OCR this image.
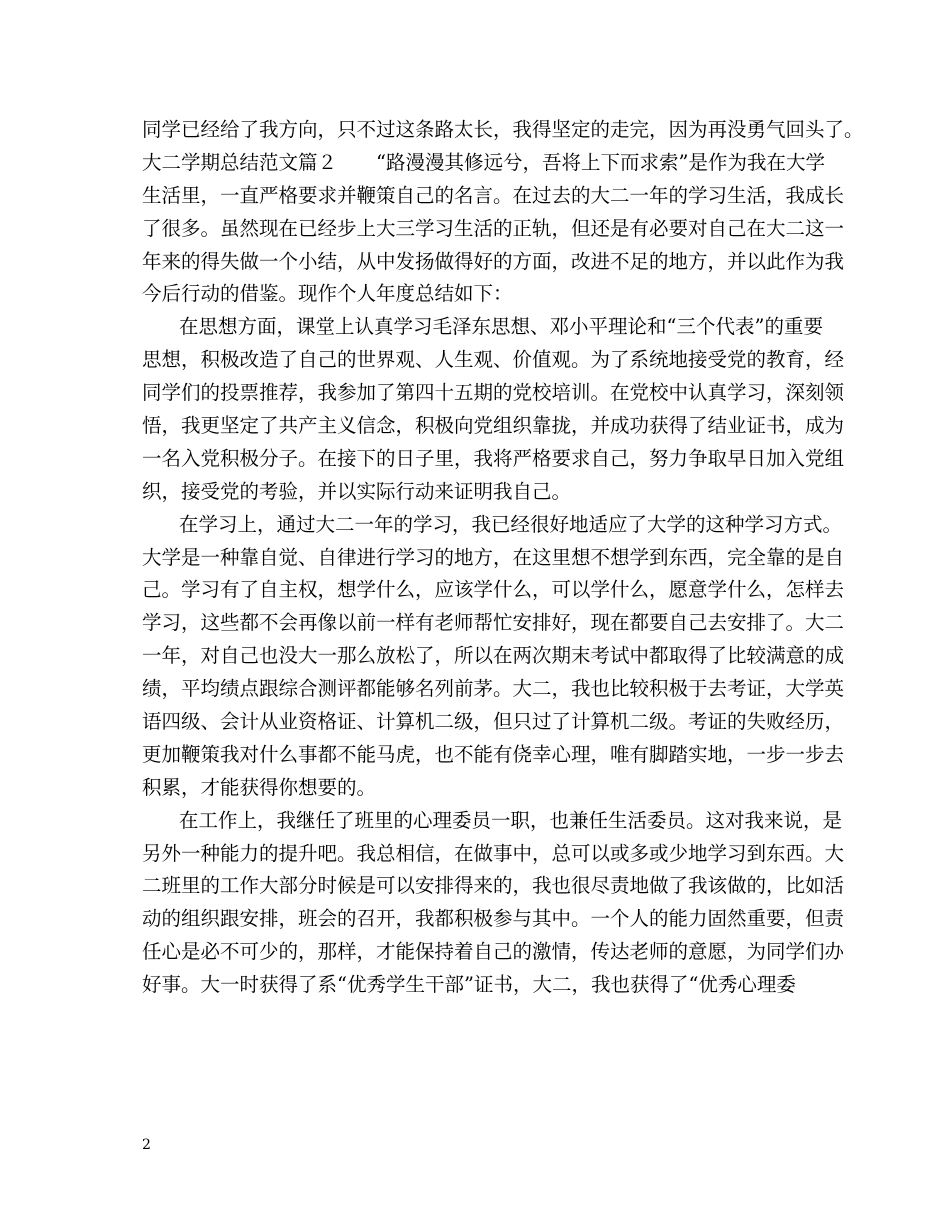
同学已经给了我方向，只不过这条路太长，我得坚定的走完，因为再没勇气回头了。
大二学期总结范文篇２　　“路漫漫其修远兮，吾将上下而求索”是作为我在大学
生活里，一直严格要求并鞭策自己的名言。在过去的大二一年的学习生活，我成长
了很多。虽然现在已经步上大三学习生活的正轨，但还是有必要对自己在大二这一
年来的得失做一个小结，从中发扬做得好的方面，改进不足的地方，并以此作为我
今后行动的借鉴。现作个人年度总结如下：
在思想方面，课堂上认真学习毛泽东思想、邓小平理论和“三个代表”的重要
思想，积极改造了自己的世界观、人生观、价值观。为了系统地接受党的教育，经
同学们的投票推荐，我参加了第四十五期的党校培训。在党校中认真学习，深刻领
悟，我更坚定了共产主义信念，积极向党组织靠拢，并成功获得了结业证书，成为
一名入党积极分子。在接下的日子里，我将严格要求自己，努力争取早日加入党组
织，接受党的考验，并以实际行动来证明我自己。
在学习上，通过大二一年的学习，我已经很好地适应了大学的这种学习方式。
大学是一种靠自觉、自律进行学习的地方，在这里想不想学到东西，完全靠的是自
己。学习有了自主权，想学什么，应该学什么，可以学什么，愿意学什么，怎样去
学习，这些都不会再像以前一样有老师帮忙安排好，现在都要自己去安排了。大二
一年，对自己也没大一那么放松了，所以在两次期末考试中都取得了比较满意的成
绩，平均绩点跟综合测评都能够名列前茅。大二，我也比较积极于去考证，大学英
语四级、会计从业资格证、计算机二级，但只过了计算机二级。考证的失败经历，
更加鞭策我对什么事都不能马虎，也不能有侥幸心理，唯有脚踏实地，一步一步去
积累，才能获得你想要的。
在工作上，我继任了班里的心理委员一职，也兼任生活委员。这对我来说，是
另外一种能力的提升吧。我总相信，在做事中，总可以或多或少地学习到东西。大
二班里的工作大部分时候是可以安排得来的，我也很尽责地做了我该做的，比如活
动的组织跟安排，班会的召开，我都积极参与其中。一个人的能力固然重要，但责
任心是必不可少的，那样，才能保持着自己的激情，传达老师的意愿，为同学们办
好事。大一时获得了系“优秀学生干部”证书，大二，我也获得了“优秀心理委
2
